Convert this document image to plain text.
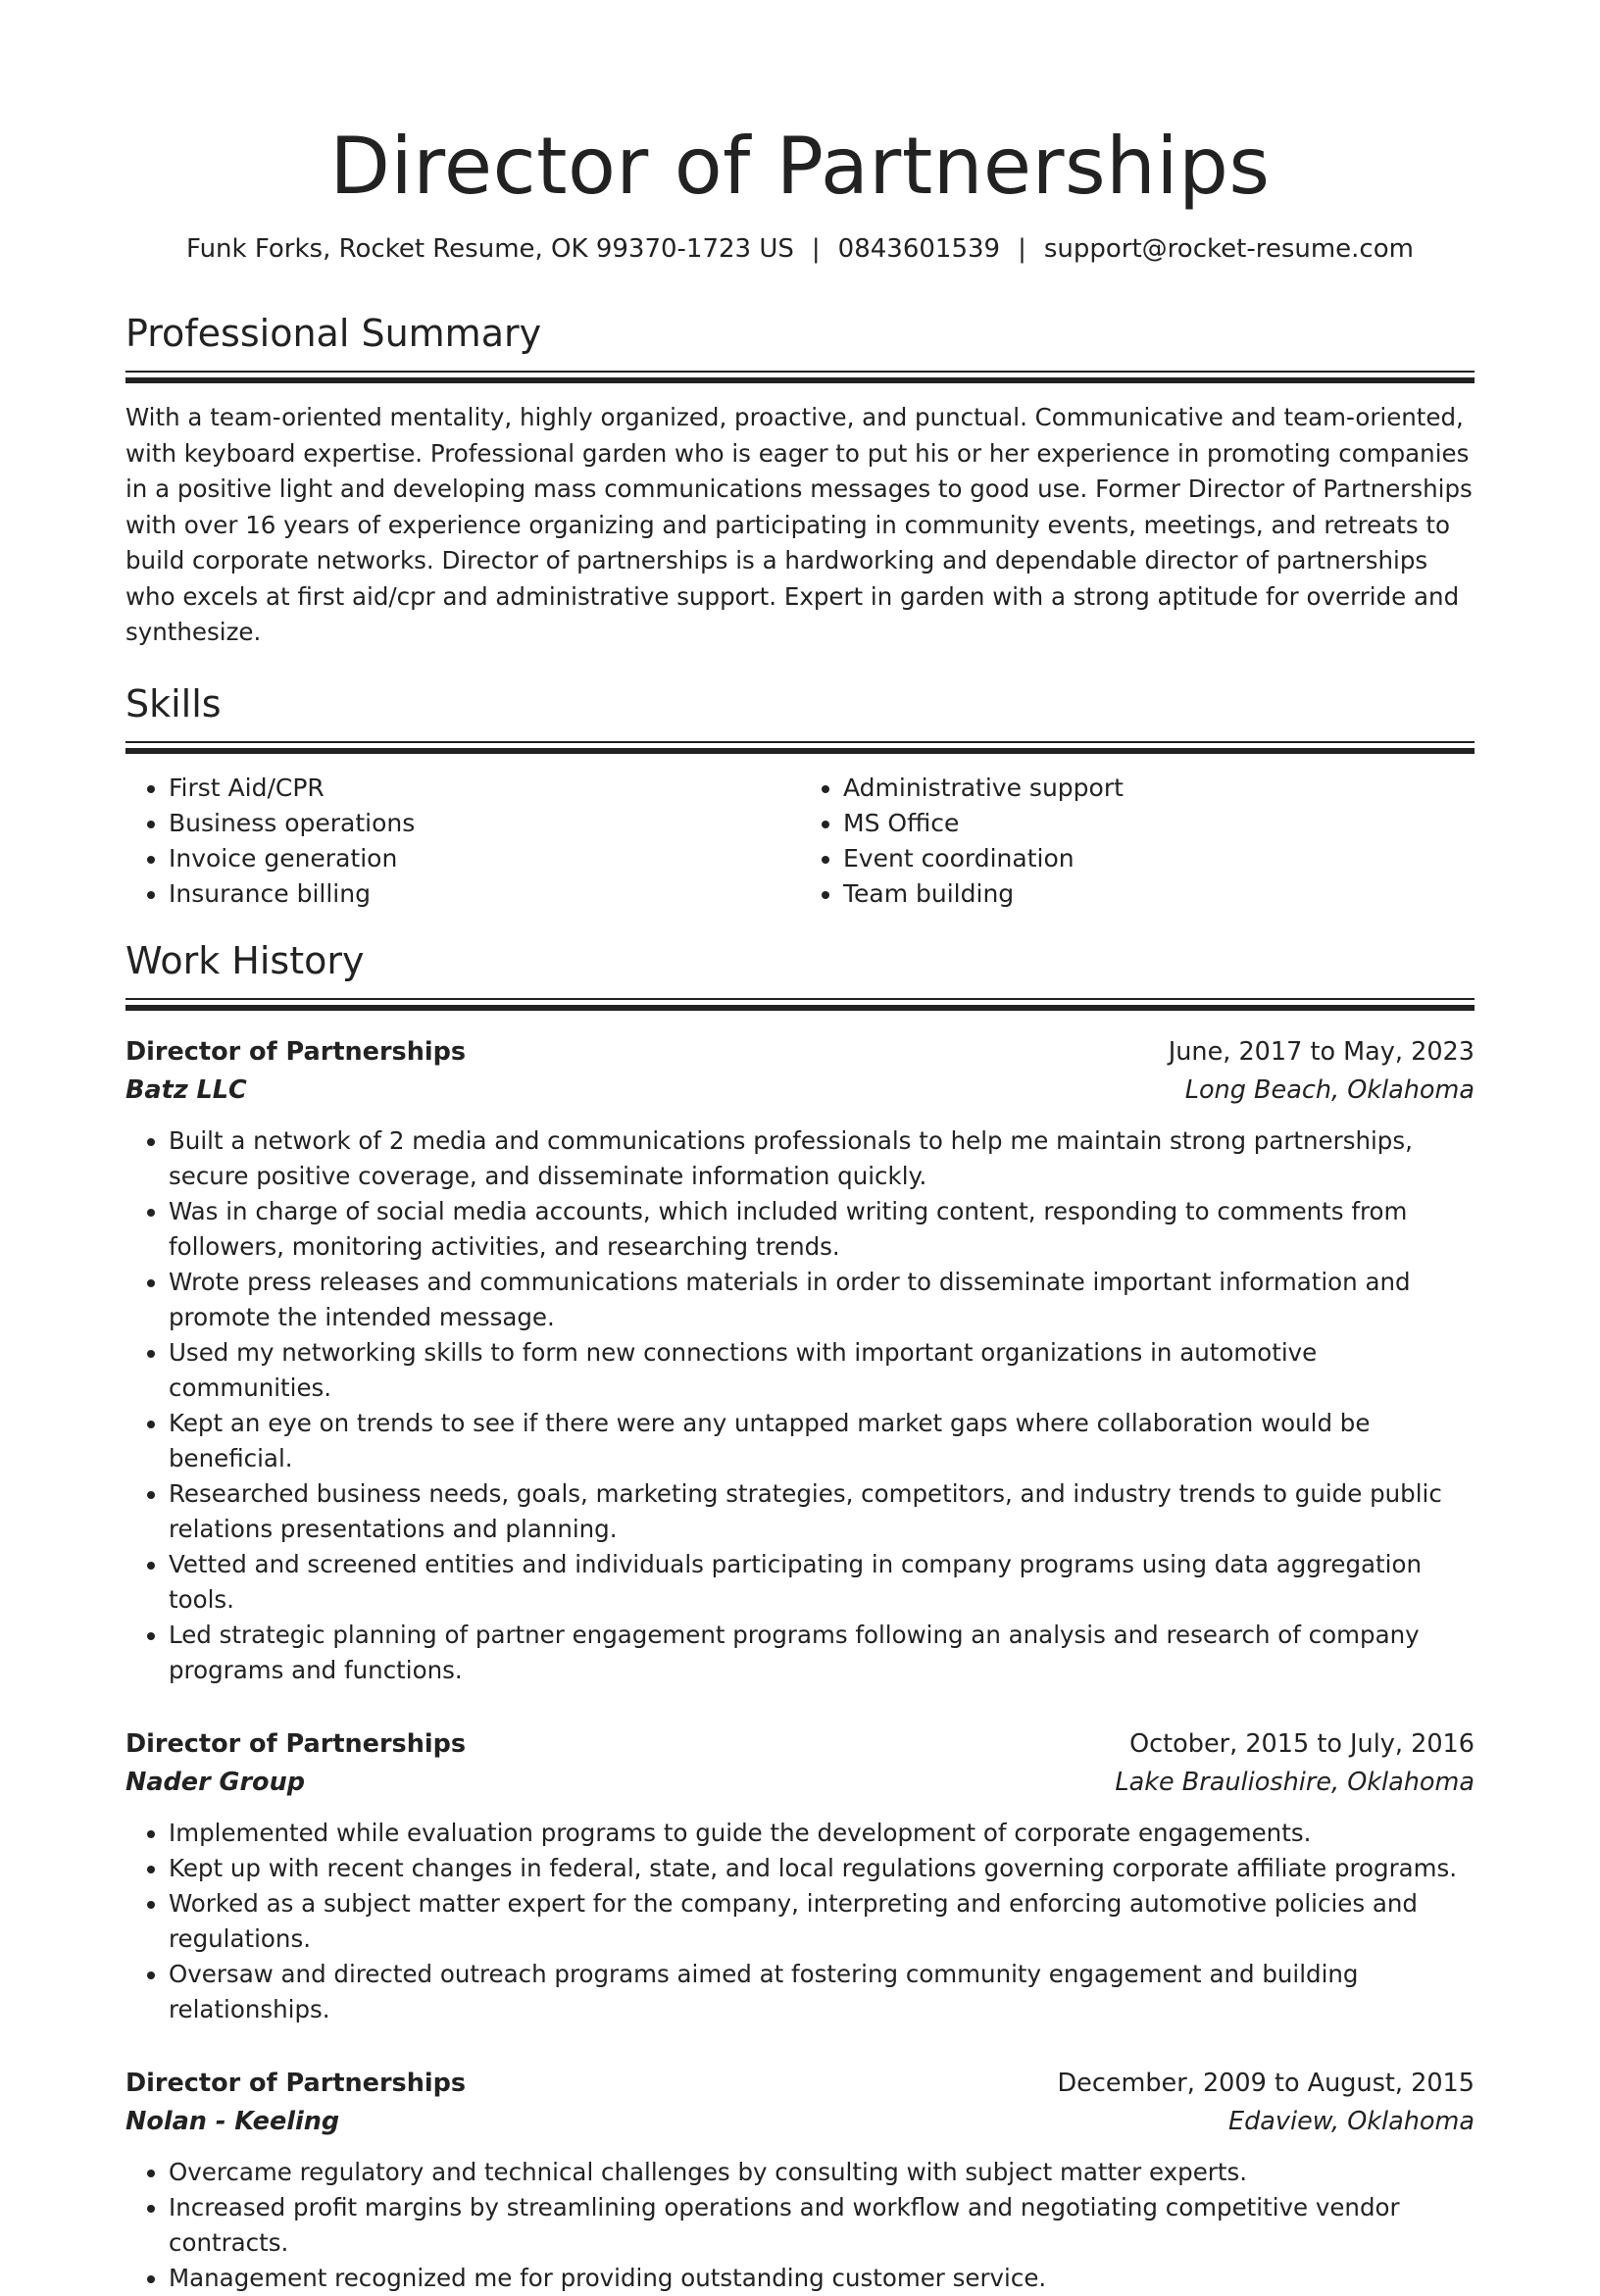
Director of Partnerships
Funk Forks, Rocket Resume, OK 99370-1723 US | 0843601539 | support@rocket-resume.com
Professional Summary
With a team-oriented mentality, highly organized, proactive, and punctual. Communicative and team-oriented, with keyboard expertise. Professional garden who is eager to put his or her experience in promoting companies in a positive light and developing mass communications messages to good use. Former Director of Partnerships with over 16 years of experience organizing and participating in community events, meetings, and retreats to build corporate networks. Director of partnerships is a hardworking and dependable director of partnerships who excels at first aid/cpr and administrative support. Expert in garden with a strong aptitude for override and synthesize.
Skills
• First Aid/CPR
• Business operations
• Invoice generation
• Insurance billing
• Administrative support
• MS Office
• Event coordination
• Team building
Work History
Director of Partnerships	June, 2017 to May, 2023
Batz LLC	Long Beach, Oklahoma
• Built a network of 2 media and communications professionals to help me maintain strong partnerships, secure positive coverage, and disseminate information quickly.
• Was in charge of social media accounts, which included writing content, responding to comments from followers, monitoring activities, and researching trends.
• Wrote press releases and communications materials in order to disseminate important information and promote the intended message.
• Used my networking skills to form new connections with important organizations in automotive communities.
• Kept an eye on trends to see if there were any untapped market gaps where collaboration would be beneficial.
• Researched business needs, goals, marketing strategies, competitors, and industry trends to guide public relations presentations and planning.
• Vetted and screened entities and individuals participating in company programs using data aggregation tools.
• Led strategic planning of partner engagement programs following an analysis and research of company programs and functions.
Director of Partnerships	October, 2015 to July, 2016
Nader Group	Lake Braulioshire, Oklahoma
• Implemented while evaluation programs to guide the development of corporate engagements.
• Kept up with recent changes in federal, state, and local regulations governing corporate affiliate programs.
• Worked as a subject matter expert for the company, interpreting and enforcing automotive policies and regulations.
• Oversaw and directed outreach programs aimed at fostering community engagement and building relationships.
Director of Partnerships	December, 2009 to August, 2015
Nolan - Keeling	Edaview, Oklahoma
• Overcame regulatory and technical challenges by consulting with subject matter experts.
• Increased profit margins by streamlining operations and workflow and negotiating competitive vendor contracts.
• Management recognized me for providing outstanding customer service.
